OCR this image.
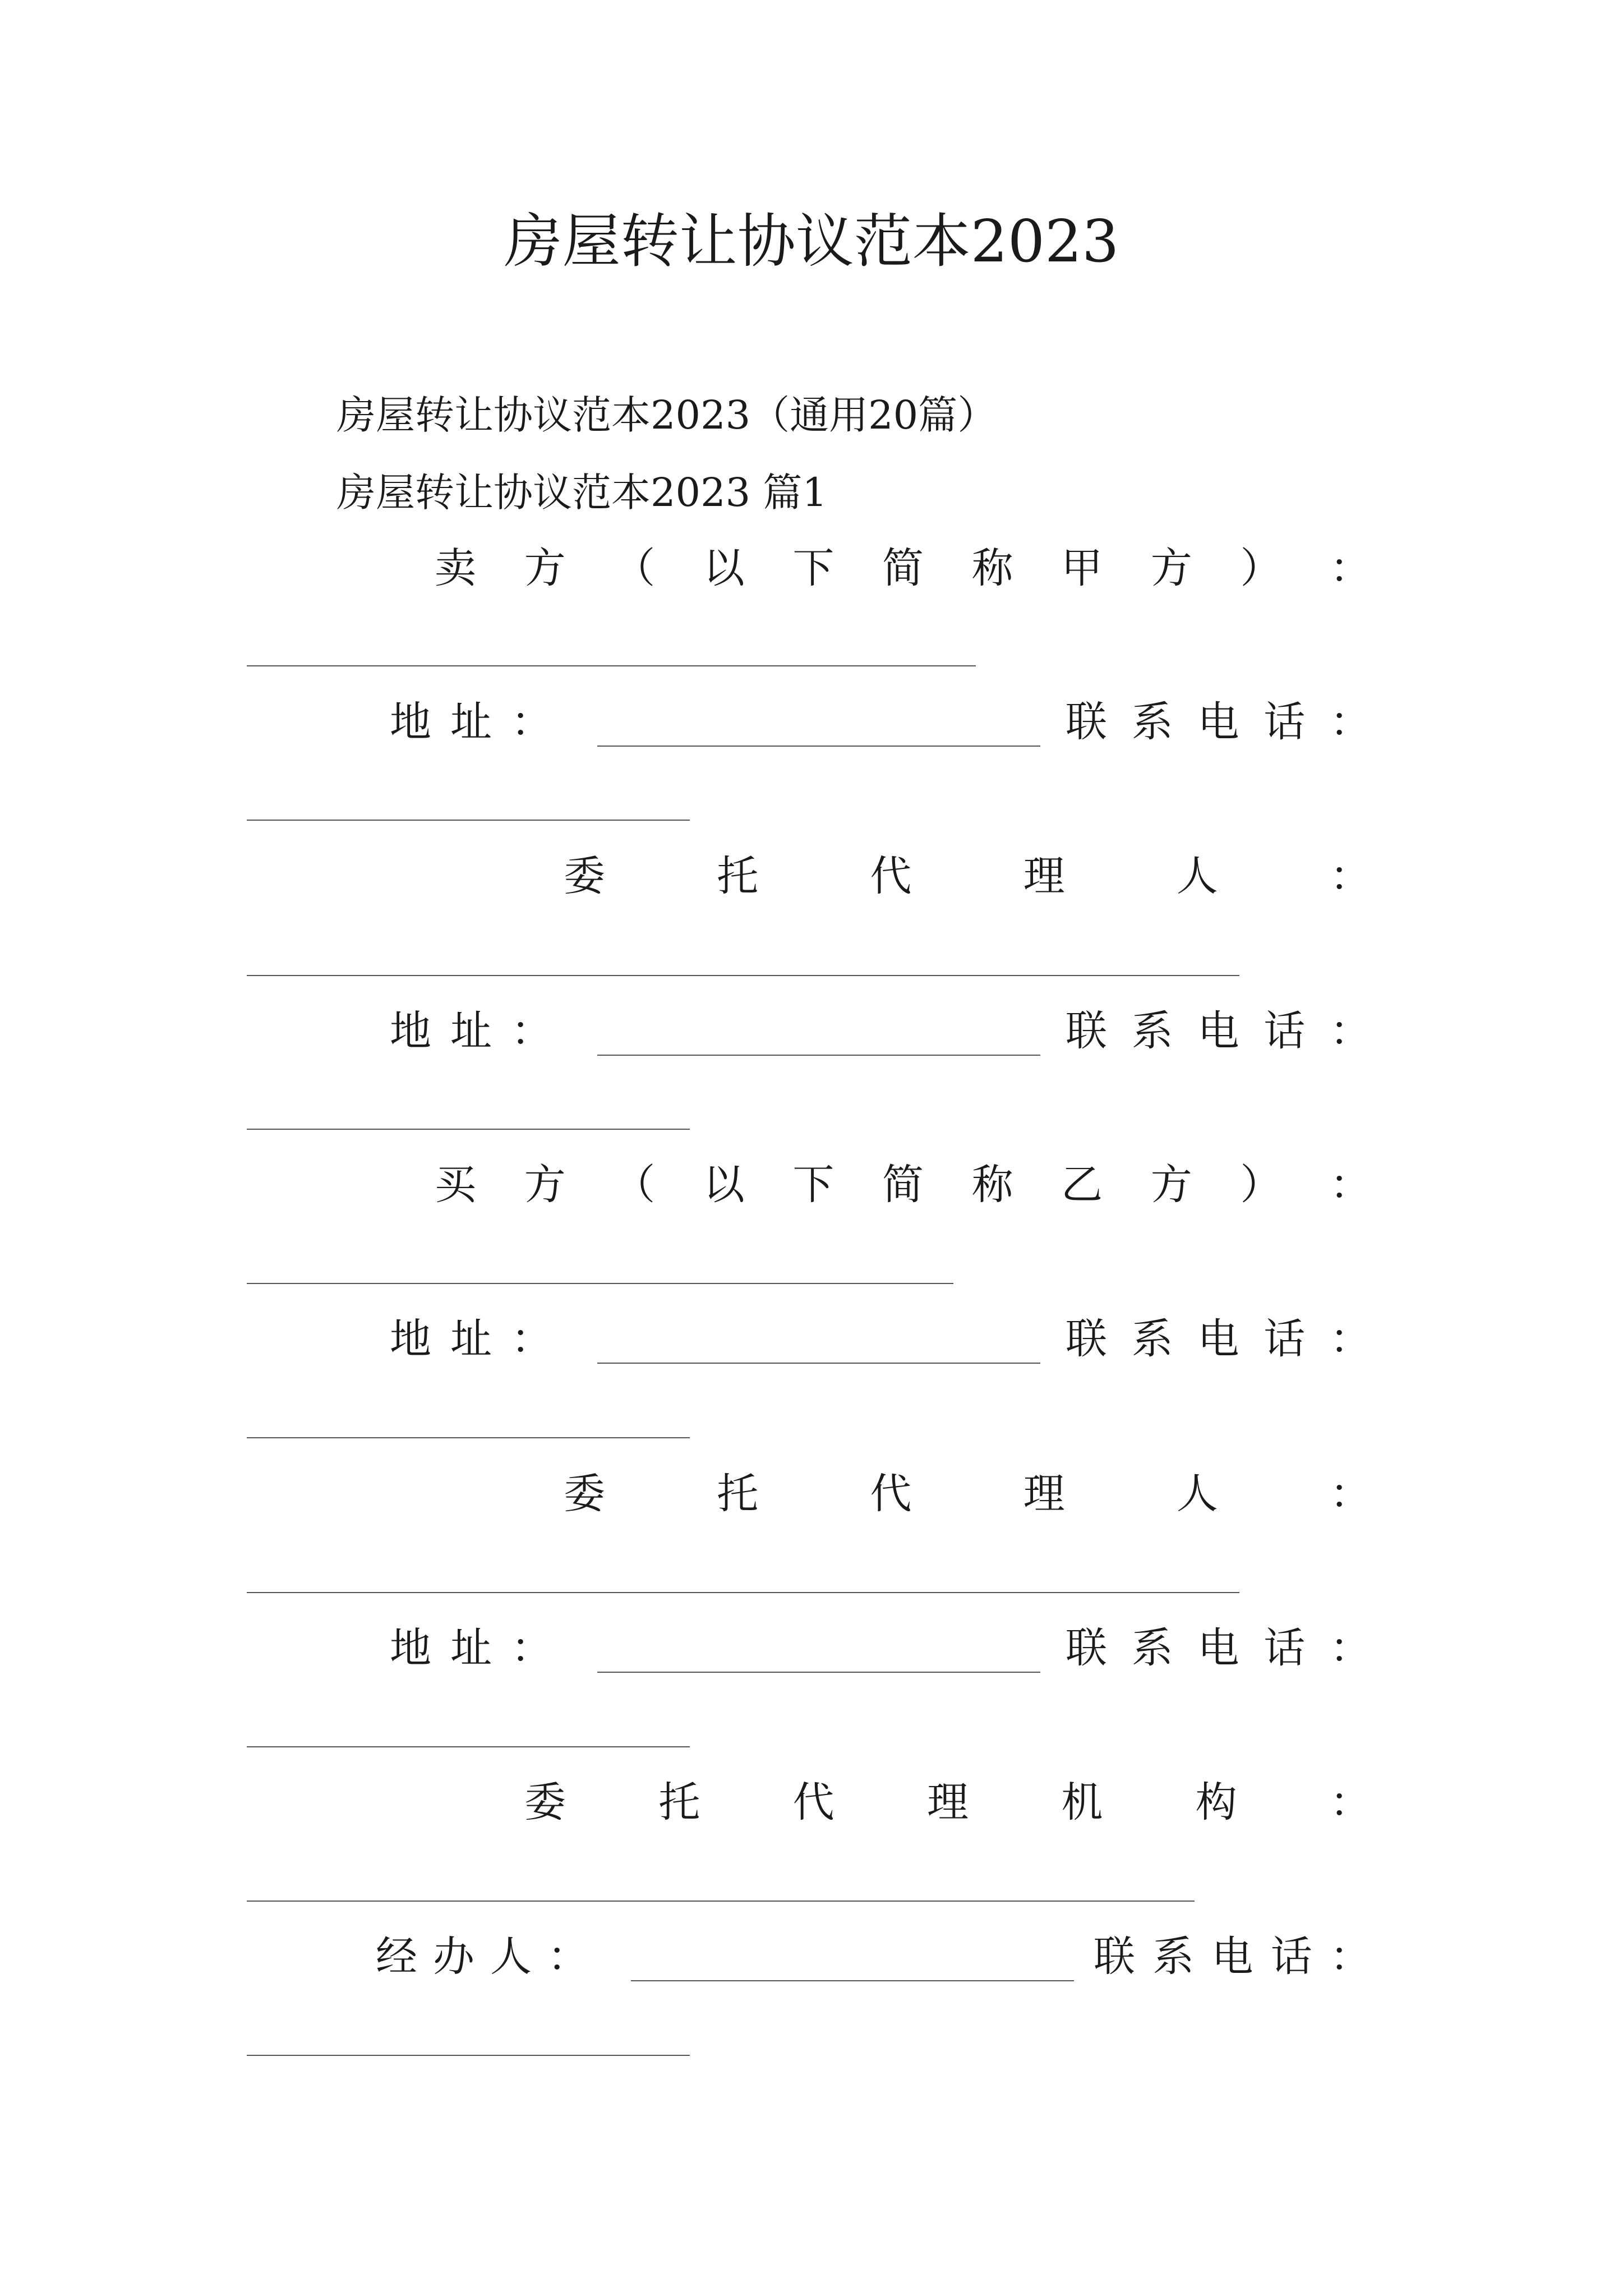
房屋转让协议范本2023
房屋转让协议范本2023（通用20篇）
房屋转让协议范本2023 篇1
卖 方 （ 以 下 简 称 甲 方 ） ：
地 址 ：	联 系 电 话 ：
委	托	代	理	人	：
地 址 ：	联 系 电 话 ：
买 方 （ 以 下 简 称 乙 方 ） ：
地 址 ：	联 系 电 话 ：
委	托	代	理	人	：
地 址 ：	联 系 电 话 ：
委 托 代 理 机 构 ：
经 办 人 ：	联 系 电 话 ：
